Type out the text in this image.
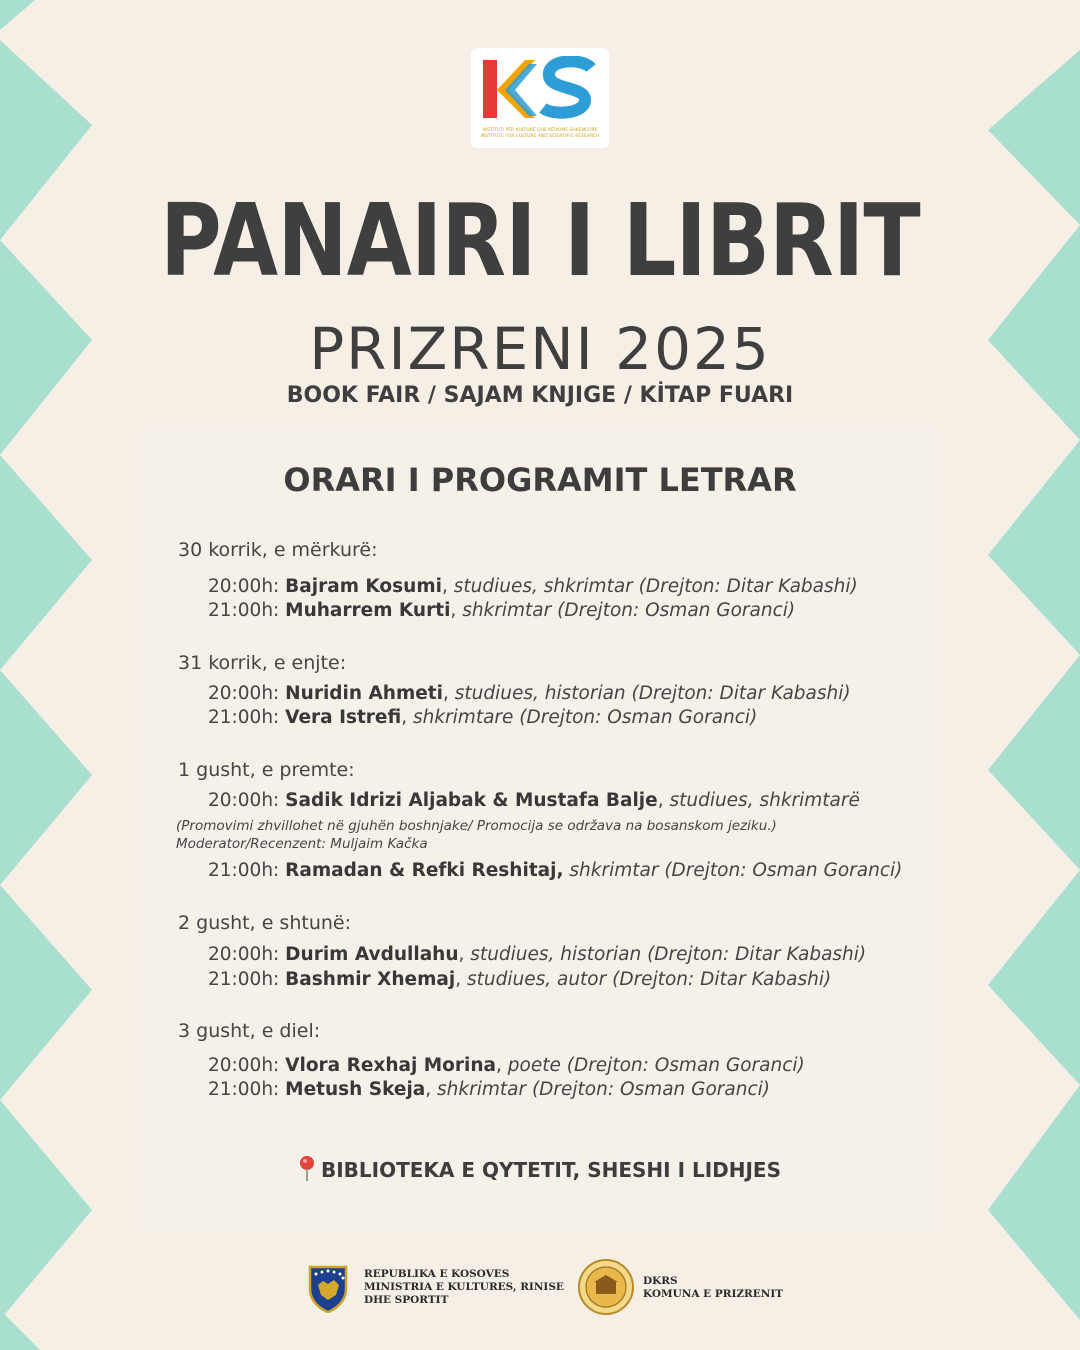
INSTITUTI PËR KULTURË DHE KËRKIME SHKENCORE
INSTITUTE FOR CULTURE AND SCIENTIFIC RESEARCH
PANAIRI I LIBRIT
PRIZRENI 2025
BOOK FAIR / SAJAM KNJIGE / KİTAP FUARI
ORARI I PROGRAMIT LETRAR
30 korrik, e mërkurë:
20:00h: Bajram Kosumi, studiues, shkrimtar (Drejton: Ditar Kabashi)
21:00h: Muharrem Kurti, shkrimtar (Drejton: Osman Goranci)
31 korrik, e enjte:
20:00h: Nuridin Ahmeti, studiues, historian (Drejton: Ditar Kabashi)
21:00h: Vera Istrefi, shkrimtare (Drejton: Osman Goranci)
1 gusht, e premte:
20:00h: Sadik Idrizi Aljabak & Mustafa Balje, studiues, shkrimtarë
(Promovimi zhvillohet në gjuhën boshnjake/ Promocija se održava na bosanskom jeziku.)
Moderator/Recenzent: Muljaim Kačka
21:00h: Ramadan & Refki Reshitaj, shkrimtar (Drejton: Osman Goranci)
2 gusht, e shtunë:
20:00h: Durim Avdullahu, studiues, historian (Drejton: Ditar Kabashi)
21:00h: Bashmir Xhemaj, studiues, autor (Drejton: Ditar Kabashi)
3 gusht, e diel:
20:00h: Vlora Rexhaj Morina, poete (Drejton: Osman Goranci)
21:00h: Metush Skeja, shkrimtar (Drejton: Osman Goranci)
BIBLIOTEKA E QYTETIT, SHESHI I LIDHJES
REPUBLIKA E KOSOVES
MINISTRIA E KULTURES, RINISE
DHE SPORTIT
DKRS
KOMUNA E PRIZRENIT
